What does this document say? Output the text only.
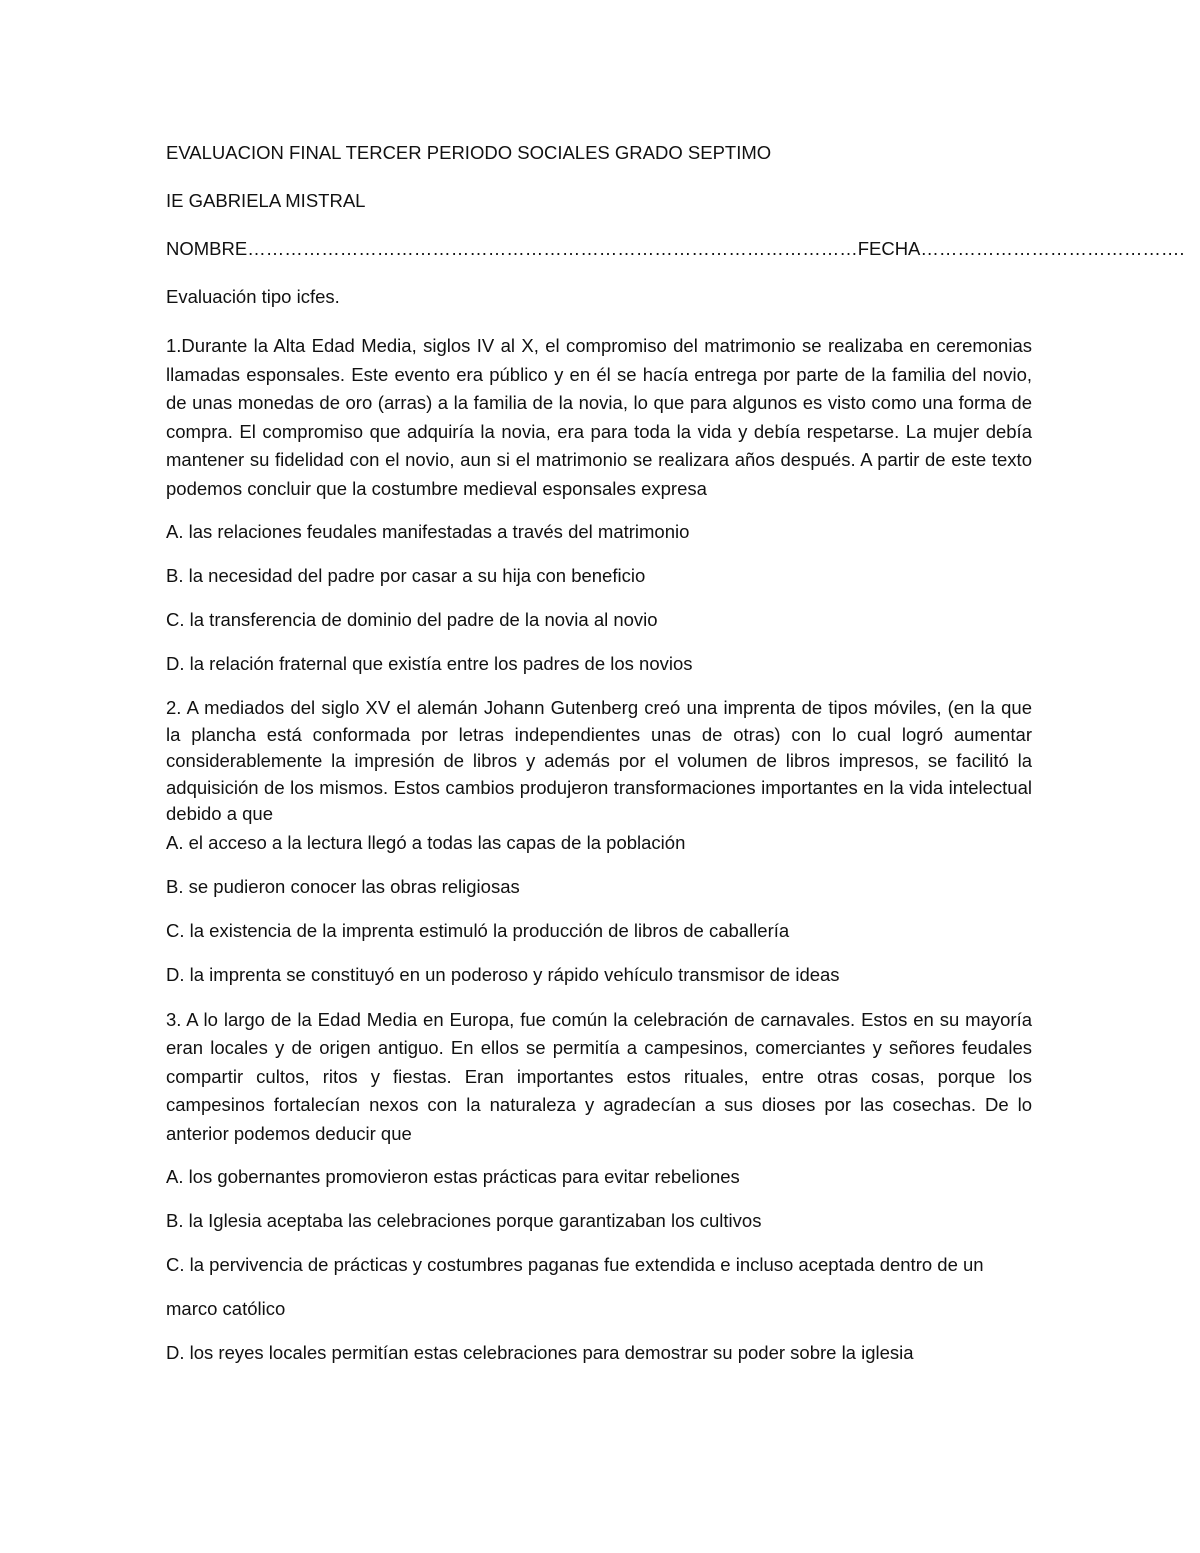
EVALUACION FINAL TERCER PERIODO SOCIALES GRADO SEPTIMO

IE GABRIELA MISTRAL

NOMBRE………………………………………………………………………………………FECHA…………………………………….

Evaluación tipo icfes.

1.Durante la Alta Edad Media, siglos IV al X, el compromiso del matrimonio se realizaba en ceremonias llamadas esponsales. Este evento era público y en él se hacía entrega por parte de la familia del novio, de unas monedas de oro (arras) a la familia de la novia, lo que para algunos es visto como una forma de compra. El compromiso que adquiría la novia, era para toda la vida y debía respetarse. La mujer debía mantener su fidelidad con el novio, aun si el matrimonio se realizara años después. A partir de este texto podemos concluir que la costumbre medieval esponsales expresa

A. las relaciones feudales manifestadas a través del matrimonio

B. la necesidad del padre por casar a su hija con beneficio

C. la transferencia de dominio del padre de la novia al novio

D. la relación fraternal que existía entre los padres de los novios

2. A mediados del siglo XV el alemán Johann Gutenberg creó una imprenta de tipos móviles, (en la que la plancha está conformada por letras independientes unas de otras) con lo cual logró aumentar considerablemente la impresión de libros y además por el volumen de libros impresos, se facilitó la adquisición de los mismos. Estos cambios produjeron transformaciones importantes en la vida intelectual debido a que

A. el acceso a la lectura llegó a todas las capas de la población

B. se pudieron conocer las obras religiosas

C. la existencia de la imprenta estimuló la producción de libros de caballería

D. la imprenta se constituyó en un poderoso y rápido vehículo transmisor de ideas

3. A lo largo de la Edad Media en Europa, fue común la celebración de carnavales. Estos en su mayoría eran locales y de origen antiguo. En ellos se permitía a campesinos, comerciantes y señores feudales compartir cultos, ritos y fiestas. Eran importantes estos rituales, entre otras cosas, porque los campesinos fortalecían nexos con la naturaleza y agradecían a sus dioses por las cosechas. De lo anterior podemos deducir que

A. los gobernantes promovieron estas prácticas para evitar rebeliones

B. la Iglesia aceptaba las celebraciones porque garantizaban los cultivos

C. la pervivencia de prácticas y costumbres paganas fue extendida e incluso aceptada dentro de un

marco católico

D. los reyes locales permitían estas celebraciones para demostrar su poder sobre la iglesia
